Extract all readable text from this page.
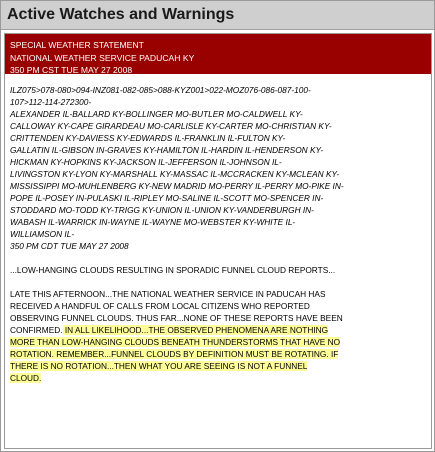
Active Watches and Warnings
SPECIAL WEATHER STATEMENT
NATIONAL WEATHER SERVICE PADUCAH KY
350 PM CST TUE MAY 27 2008
ILZ075>078-080>094-INZ081-082-085>088-KYZ001>022-MOZ076-086-087-100-
107>112-114-272300-
ALEXANDER IL-BALLARD KY-BOLLINGER MO-BUTLER MO-CALDWELL KY-
CALLOWAY KY-CAPE GIRARDEAU MO-CARLISLE KY-CARTER MO-CHRISTIAN KY-
CRITTENDEN KY-DAVIESS KY-EDWARDS IL-FRANKLIN IL-FULTON KY-
GALLATIN IL-GIBSON IN-GRAVES KY-HAMILTON IL-HARDIN IL-HENDERSON KY-
HICKMAN KY-HOPKINS KY-JACKSON IL-JEFFERSON IL-JOHNSON IL-
LIVINGSTON KY-LYON KY-MARSHALL KY-MASSAC IL-MCCRACKEN KY-MCLEAN KY-
MISSISSIPPI MO-MUHLENBERG KY-NEW MADRID MO-PERRY IL-PERRY MO-PIKE IN-
POPE IL-POSEY IN-PULASKI IL-RIPLEY MO-SALINE IL-SCOTT MO-SPENCER IN-
STODDARD MO-TODD KY-TRIGG KY-UNION IL-UNION KY-VANDERBURGH IN-
WABASH IL-WARRICK IN-WAYNE IL-WAYNE MO-WEBSTER KY-WHITE IL-
WILLIAMSON IL-
350 PM CDT TUE MAY 27 2008
...LOW-HANGING CLOUDS RESULTING IN SPORADIC FUNNEL CLOUD REPORTS...
LATE THIS AFTERNOON...THE NATIONAL WEATHER SERVICE IN PADUCAH HAS
RECEIVED A HANDFUL OF CALLS FROM LOCAL CITIZENS WHO REPORTED
OBSERVING FUNNEL CLOUDS. THUS FAR...NONE OF THESE REPORTS HAVE BEEN
CONFIRMED. IN ALL LIKELIHOOD...THE OBSERVED PHENOMENA ARE NOTHING
MORE THAN LOW-HANGING CLOUDS BENEATH THUNDERSTORMS THAT HAVE NO
ROTATION. REMEMBER...FUNNEL CLOUDS BY DEFINITION MUST BE ROTATING. IF
THERE IS NO ROTATION...THEN WHAT YOU ARE SEEING IS NOT A FUNNEL
CLOUD.
